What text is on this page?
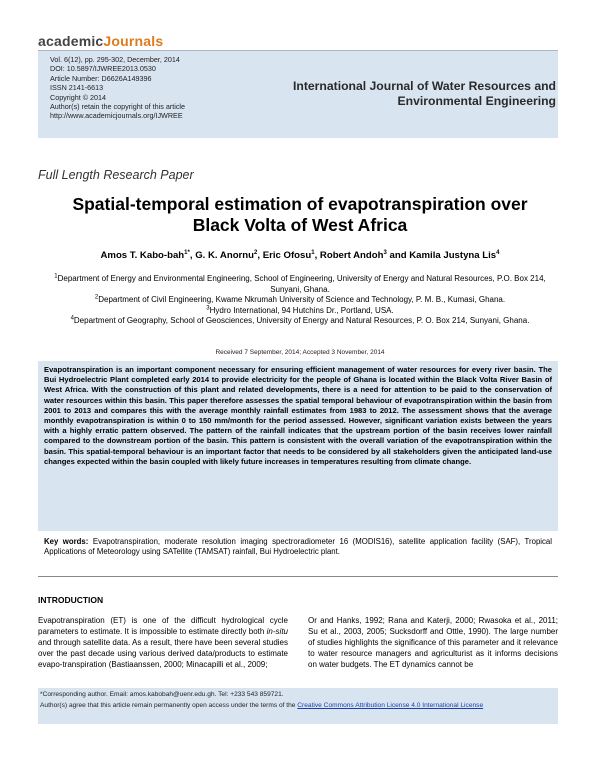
academicJournals
Vol. 6(12), pp. 295-302, December, 2014
DOI: 10.5897/IJWREE2013.0530
Article Number: D6626A149396
ISSN 2141-6613
Copyright © 2014
Author(s) retain the copyright of this article
http://www.academicjournals.org/IJWREE
International Journal of Water Resources and
Environmental Engineering
Full Length Research Paper
Spatial-temporal estimation of evapotranspiration over
Black Volta of West Africa
Amos T. Kabo-bah$^{1*}$, G. K. Anornu$^2$, Eric Ofosu$^1$, Robert Andoh$^3$ and Kamila Justyna Lis$^4$
$^1$Department of Energy and Environmental Engineering, School of Engineering, University of Energy and Natural Resources, P.O. Box 214, Sunyani, Ghana.
$^2$Department of Civil Engineering, Kwame Nkrumah University of Science and Technology, P. M. B., Kumasi, Ghana.
$^3$Hydro International, 94 Hutchins Dr., Portland, USA.
$^4$Department of Geography, School of Geosciences, University of Energy and Natural Resources, P. O. Box 214, Sunyani, Ghana.
Received 7 September, 2014; Accepted 3 November, 2014
Evapotranspiration is an important component necessary for ensuring efficient management of water resources for every river basin. The Bui Hydroelectric Plant completed early 2014 to provide electricity for the people of Ghana is located within the Black Volta River Basin of West Africa. With the construction of this plant and related developments, there is a need for attention to be paid to the conservation of water resources within this basin. This paper therefore assesses the spatial temporal behaviour of evapotranspiration within the basin from 2001 to 2013 and compares this with the average monthly rainfall estimates from 1983 to 2012. The assessment shows that the average monthly evapotranspiration is within 0 to 150 mm/month for the period assessed. However, significant variation exists between the years with a highly erratic pattern observed. The pattern of the rainfall indicates that the upstream portion of the basin receives lower rainfall compared to the downstream portion of the basin. This pattern is consistent with the overall variation of the evapotranspiration within the basin. This spatial-temporal behaviour is an important factor that needs to be considered by all stakeholders given the anticipated land-use changes expected within the basin coupled with likely future increases in temperatures resulting from climate change.
Key words: Evapotranspiration, moderate resolution imaging spectroradiometer 16 (MODIS16), satellite application facility (SAF), Tropical Applications of Meteorology using SATellite (TAMSAT) rainfall, Bui Hydroelectric plant.
INTRODUCTION
Evapotranspiration (ET) is one of the difficult hydrological cycle parameters to estimate. It is impossible to estimate directly both in-situ and through satellite data. As a result, there have been several studies over the past decade using various derived data/products to estimate evapo-transpiration (Bastiaanssen, 2000; Minacapilli et al., 2009;
Or and Hanks, 1992; Rana and Katerji, 2000; Rwasoka et al., 2011; Su et al., 2003, 2005; Sucksdorff and Ottle, 1990). The large number of studies highlights the significance of this parameter and it relevance to water resource managers and agriculturist as it informs decisions on water budgets. The ET dynamics cannot be
*Corresponding author. Email: amos.kabobah@uenr.edu.gh. Tel: +233 543 859721.
Author(s) agree that this article remain permanently open access under the terms of the Creative Commons Attribution License 4.0 International License
